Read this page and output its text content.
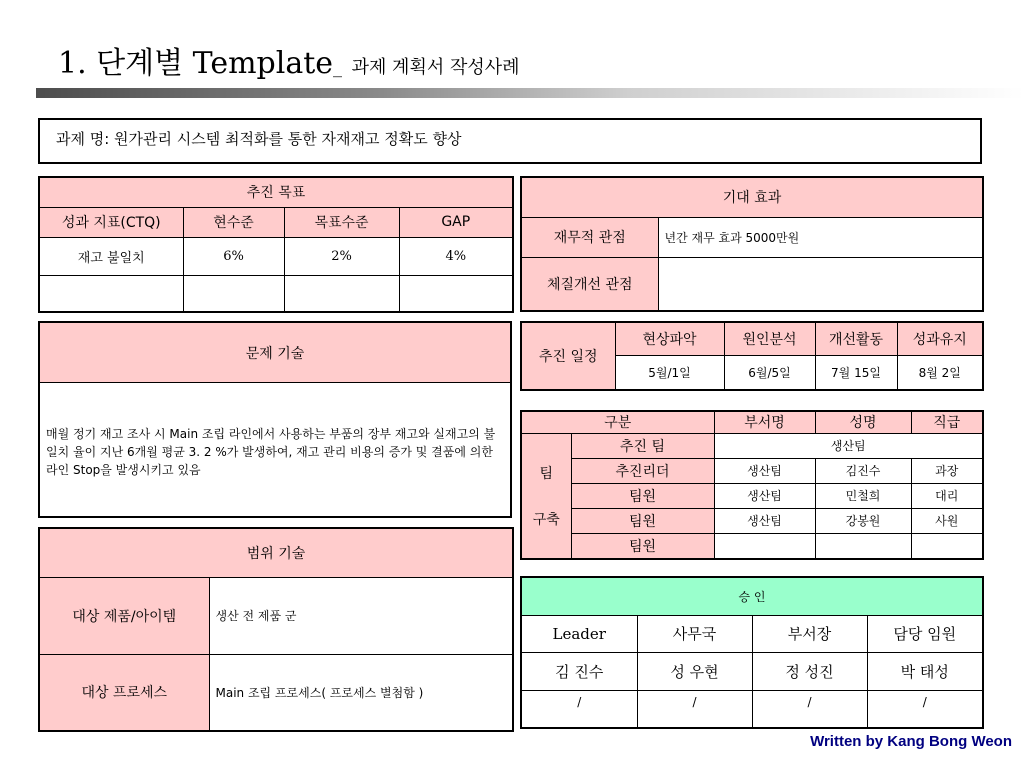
1. 단계별 Template_ 과제 계획서 작성사례
과제 명: 원가관리 시스템 최적화를 통한 자재재고 정확도 향상
추진 목표			
성과 지표(CTQ)	현수준	목표수준	GAP
재고 불일치	6%	2%	4%

기대 효과	
재무적 관점	년간 재무 효과 5000만원
체질개선 관점	
문제 기술
매월 정기 재고 조사 시 Main 조립 라인에서 사용하는 부품의 장부 재고와 실재고의 불일치 율이 지난 6개월 평균 3. 2 %가 발생하여, 재고 관리 비용의 증가 및 결품에 의한 라인 Stop을 발생시키고 있음
추진 일정	현상파악	원인분석	개선활동	성과유지
	5월/1일	6월/5일	7월 15일	8월 2일
구분		부서명	성명	직급

팀
구축	추진 팀	생산팀		
	추진리더	생산팀	김진수	과장
	팀원	생산팀	민철희	대리
	팀원	생산팀	강봉원	사원
	팀원			
범위 기술	
대상 제품/아이템	생산 전 제품 군
대상 프로세스	Main 조립 프로세스( 프로세스 별첨함 )
승 인			
Leader	사무국	부서장	담당 임원
김 진수	성 우현	정 성진	박 태성
/	/	/	/
Written by Kang Bong Weon
